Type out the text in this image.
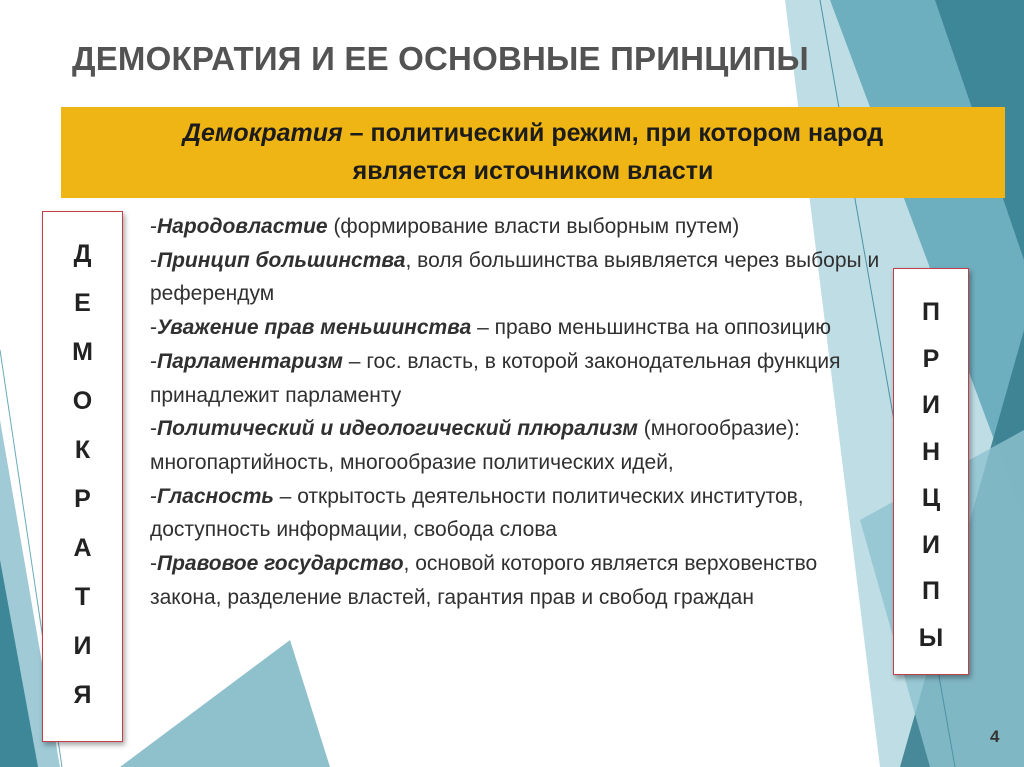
ДЕМОКРАТИЯ И ЕЕ ОСНОВНЫЕ ПРИНЦИПЫ
Демократия – политический режим, при котором народ
является источником власти
Д
Е
М
О
К
Р
А
Т
И
Я
П
Р
И
Н
Ц
И
П
Ы
-Народовластие (формирование власти выборным путем)
-Принцип большинства, воля большинства выявляется через выборы и референдум
-Уважение прав меньшинства – право меньшинства на оппозицию
-Парламентаризм – гос. власть, в которой законодательная функция принадлежит парламенту
-Политический и идеологический плюрализм (многообразие): многопартийность, многообразие политических идей,
-Гласность – открытость деятельности политических институтов, доступность информации, свобода слова
-Правовое государство, основой которого является верховенство закона, разделение властей, гарантия прав и свобод граждан
4
